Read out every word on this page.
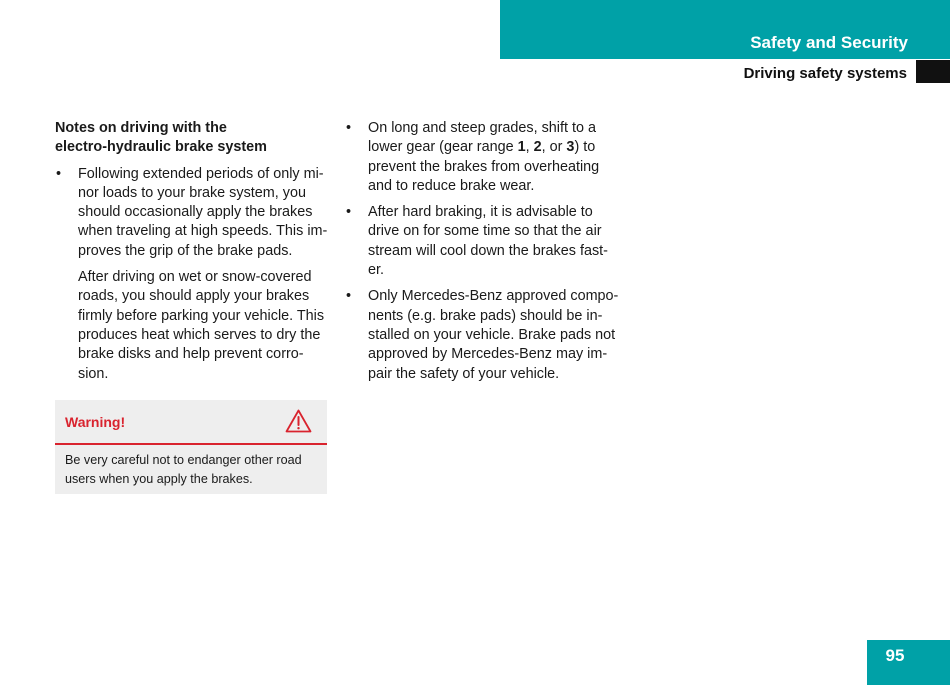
Safety and Security
Driving safety systems
Notes on driving with the
electro-hydraulic brake system
• Following extended periods of only mi-
nor loads to your brake system, you
should occasionally apply the brakes
when traveling at high speeds. This im-
proves the grip of the brake pads.
After driving on wet or snow-covered
roads, you should apply your brakes
firmly before parking your vehicle. This
produces heat which serves to dry the
brake disks and help prevent corro-
sion.
Warning!
Be very careful not to endanger other road
users when you apply the brakes.
• On long and steep grades, shift to a
lower gear (gear range 1, 2, or 3) to
prevent the brakes from overheating
and to reduce brake wear.
• After hard braking, it is advisable to
drive on for some time so that the air
stream will cool down the brakes fast-
er.
• Only Mercedes-Benz approved compo-
nents (e.g. brake pads) should be in-
stalled on your vehicle. Brake pads not
approved by Mercedes-Benz may im-
pair the safety of your vehicle.
95
